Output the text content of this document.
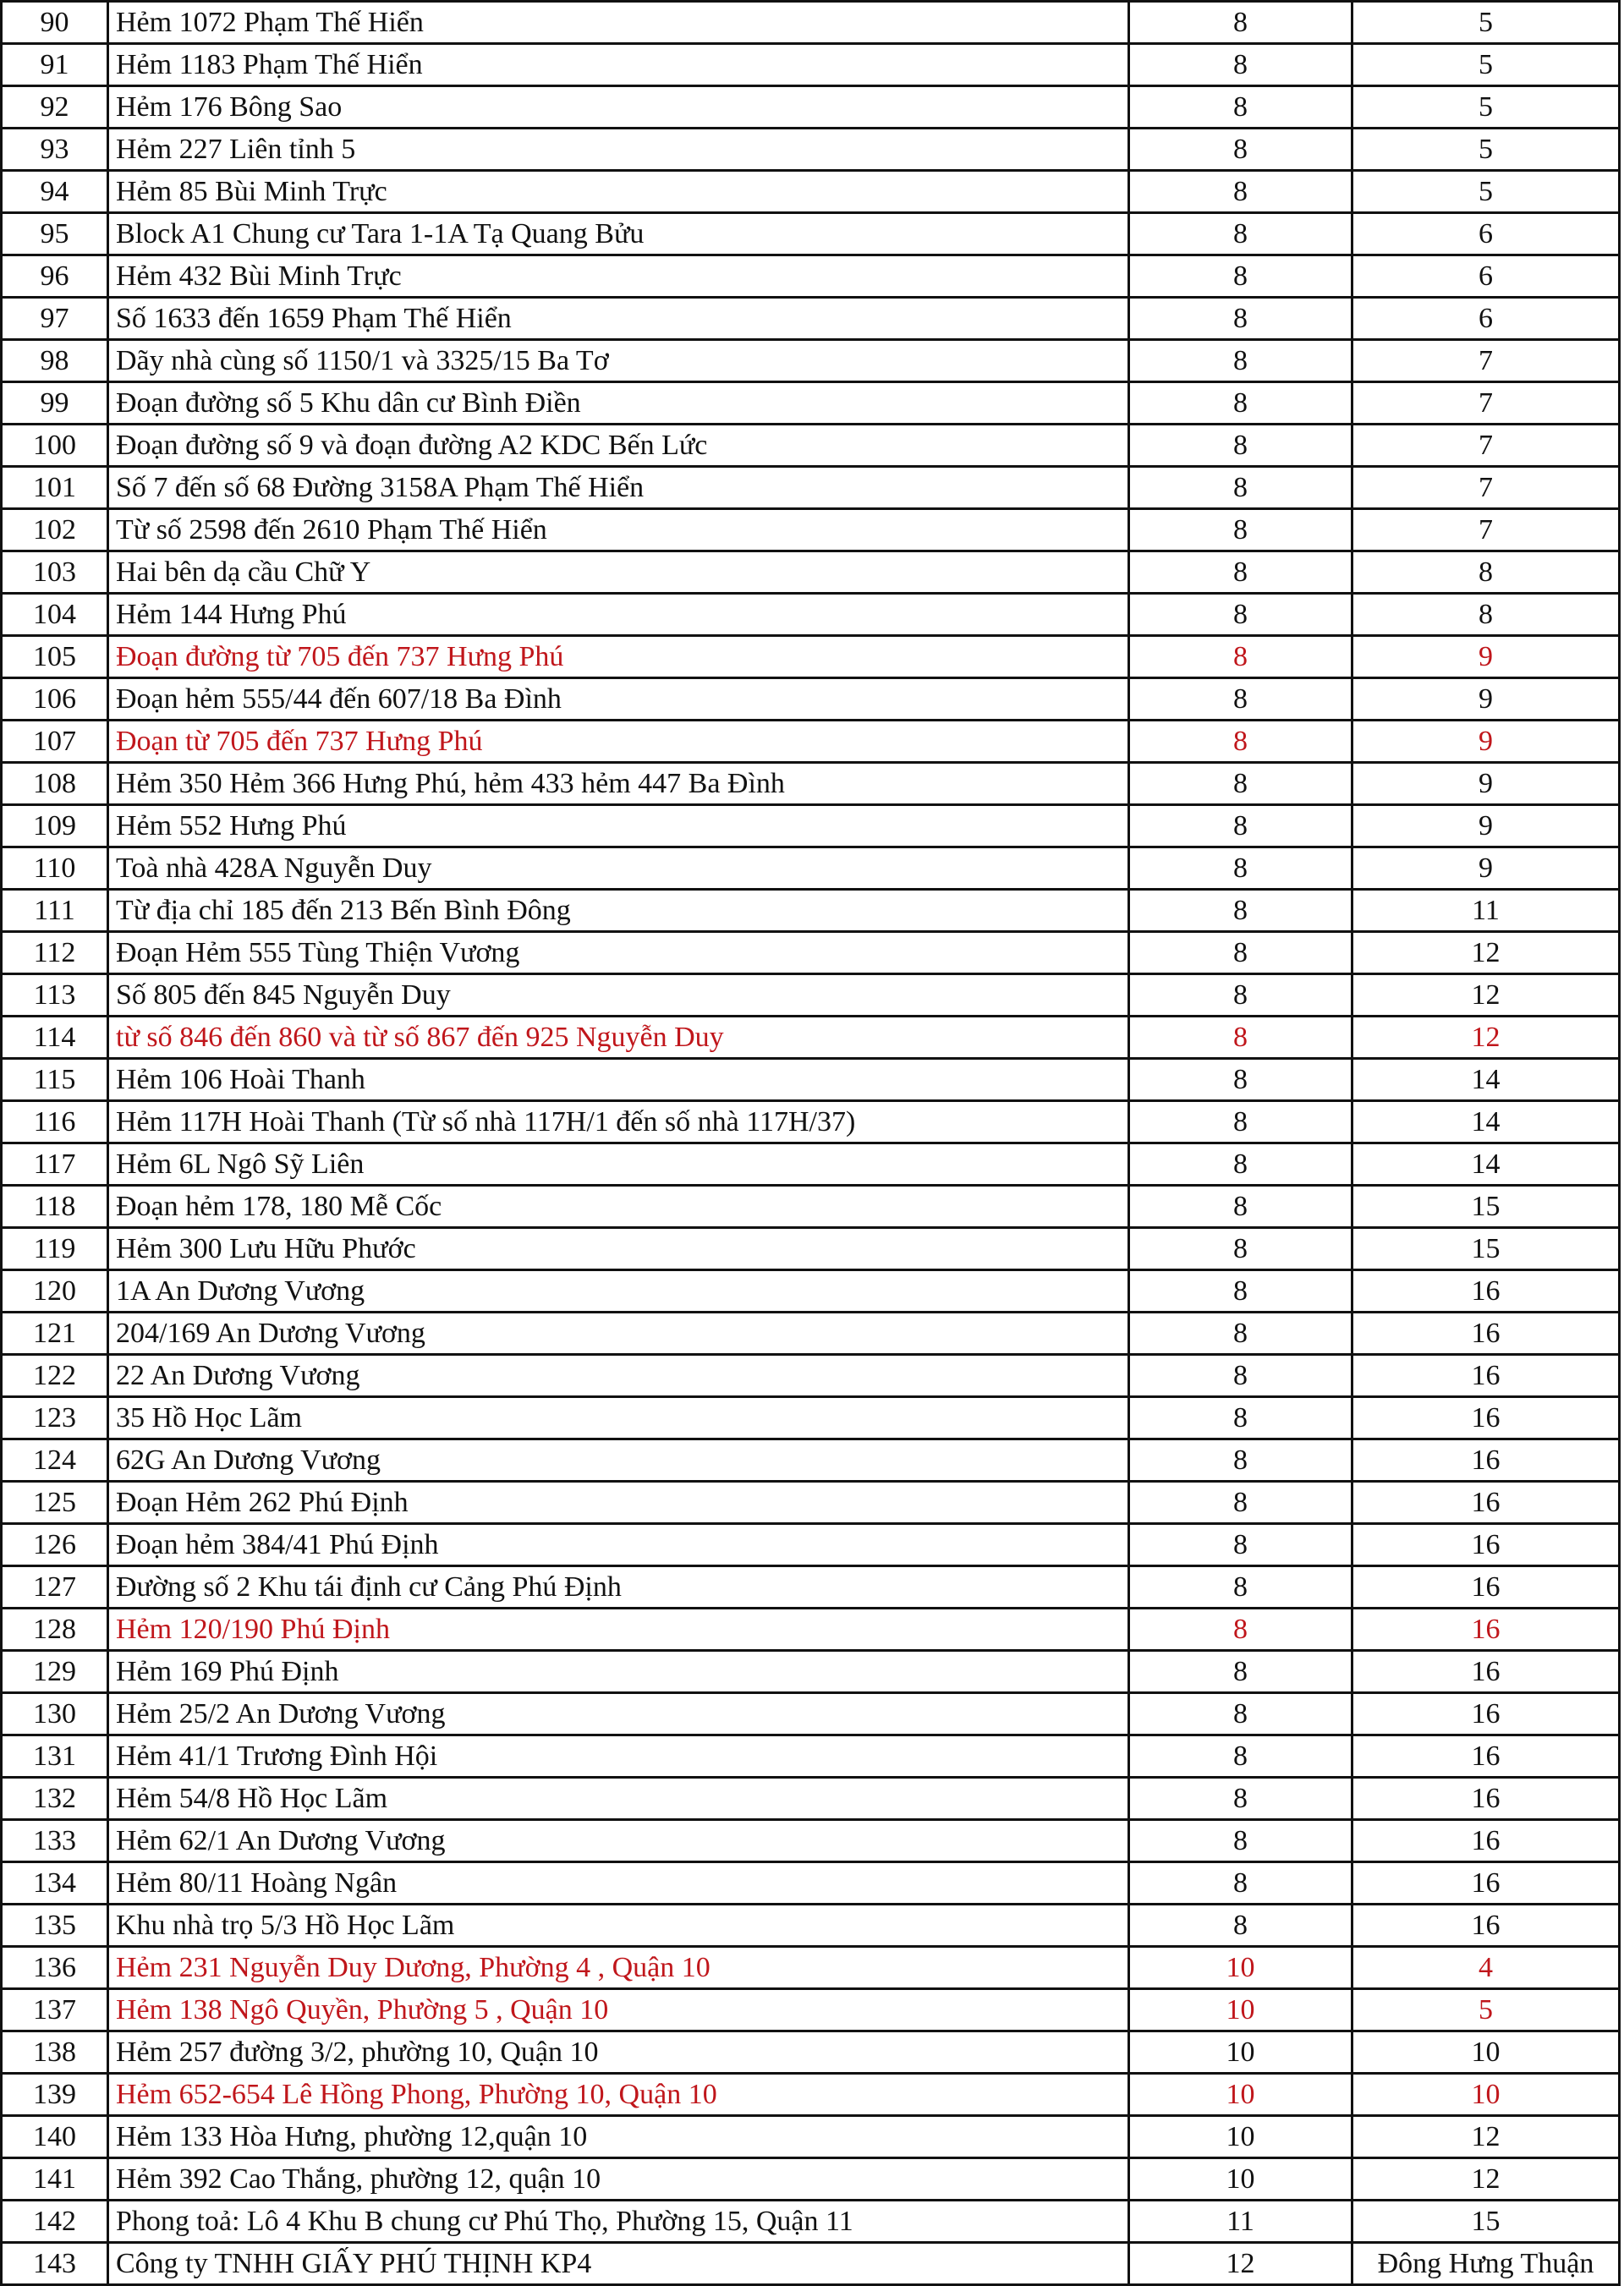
90	Hẻm 1072 Phạm Thế Hiển	8	5
91	Hẻm 1183 Phạm Thế Hiển	8	5
92	Hẻm 176 Bông Sao	8	5
93	Hẻm 227 Liên tỉnh 5	8	5
94	Hẻm 85 Bùi Minh Trực	8	5
95	Block A1 Chung cư Tara 1-1A Tạ Quang Bửu	8	6
96	Hẻm 432 Bùi Minh Trực	8	6
97	Số 1633 đến 1659 Phạm Thế Hiển	8	6
98	Dãy nhà cùng số 1150/1 và 3325/15 Ba Tơ	8	7
99	Đoạn đường số 5 Khu dân cư Bình Điền	8	7
100	Đoạn đường số 9 và đoạn đường A2 KDC Bến Lức	8	7
101	Số 7 đến số 68 Đường 3158A Phạm Thế Hiển	8	7
102	Từ số 2598 đến 2610 Phạm Thế Hiển	8	7
103	Hai bên dạ cầu Chữ Y	8	8
104	Hẻm 144 Hưng Phú	8	8
105	Đoạn đường từ 705 đến 737 Hưng Phú	8	9
106	Đoạn hẻm 555/44 đến 607/18 Ba Đình	8	9
107	Đoạn từ 705 đến 737 Hưng Phú	8	9
108	Hẻm 350 Hẻm 366 Hưng Phú, hẻm 433 hẻm 447 Ba Đình	8	9
109	Hẻm 552 Hưng Phú	8	9
110	Toà nhà 428A Nguyễn Duy	8	9
111	Từ địa chỉ 185 đến 213 Bến Bình Đông	8	11
112	Đoạn Hẻm 555 Tùng Thiện Vương	8	12
113	Số 805 đến 845 Nguyễn Duy	8	12
114	từ số 846 đến 860 và từ số 867 đến 925 Nguyễn Duy	8	12
115	Hẻm 106 Hoài Thanh	8	14
116	Hẻm 117H Hoài Thanh (Từ số nhà 117H/1 đến số nhà 117H/37)	8	14
117	Hẻm 6L Ngô Sỹ Liên	8	14
118	Đoạn hẻm 178, 180 Mễ Cốc	8	15
119	Hẻm 300 Lưu Hữu Phước	8	15
120	1A An Dương Vương	8	16
121	204/169 An Dương Vương	8	16
122	22 An Dương Vương	8	16
123	35 Hồ Học Lãm	8	16
124	62G An Dương Vương	8	16
125	Đoạn Hẻm 262 Phú Định	8	16
126	Đoạn hẻm 384/41 Phú Định	8	16
127	Đường số 2 Khu tái định cư Cảng Phú Định	8	16
128	Hẻm 120/190 Phú Định	8	16
129	Hẻm 169 Phú Định	8	16
130	Hẻm 25/2 An Dương Vương	8	16
131	Hẻm 41/1 Trương Đình Hội	8	16
132	Hẻm 54/8 Hồ Học Lãm	8	16
133	Hẻm 62/1 An Dương Vương	8	16
134	Hẻm 80/11 Hoàng Ngân	8	16
135	Khu nhà trọ 5/3 Hồ Học Lãm	8	16
136	Hẻm 231 Nguyễn Duy Dương, Phường 4 , Quận 10	10	4
137	Hẻm 138 Ngô Quyền, Phường 5 , Quận 10	10	5
138	Hẻm 257 đường 3/2, phường 10, Quận 10	10	10
139	Hẻm 652-654 Lê Hồng Phong, Phường 10, Quận 10	10	10
140	Hẻm 133 Hòa Hưng, phường 12,quận 10	10	12
141	Hẻm 392 Cao Thắng, phường 12, quận 10	10	12
142	Phong toả: Lô 4 Khu B chung cư Phú Thọ, Phường 15, Quận 11	11	15
143	Công ty TNHH GIẤY PHÚ THỊNH KP4	12	Đông Hưng Thuận
